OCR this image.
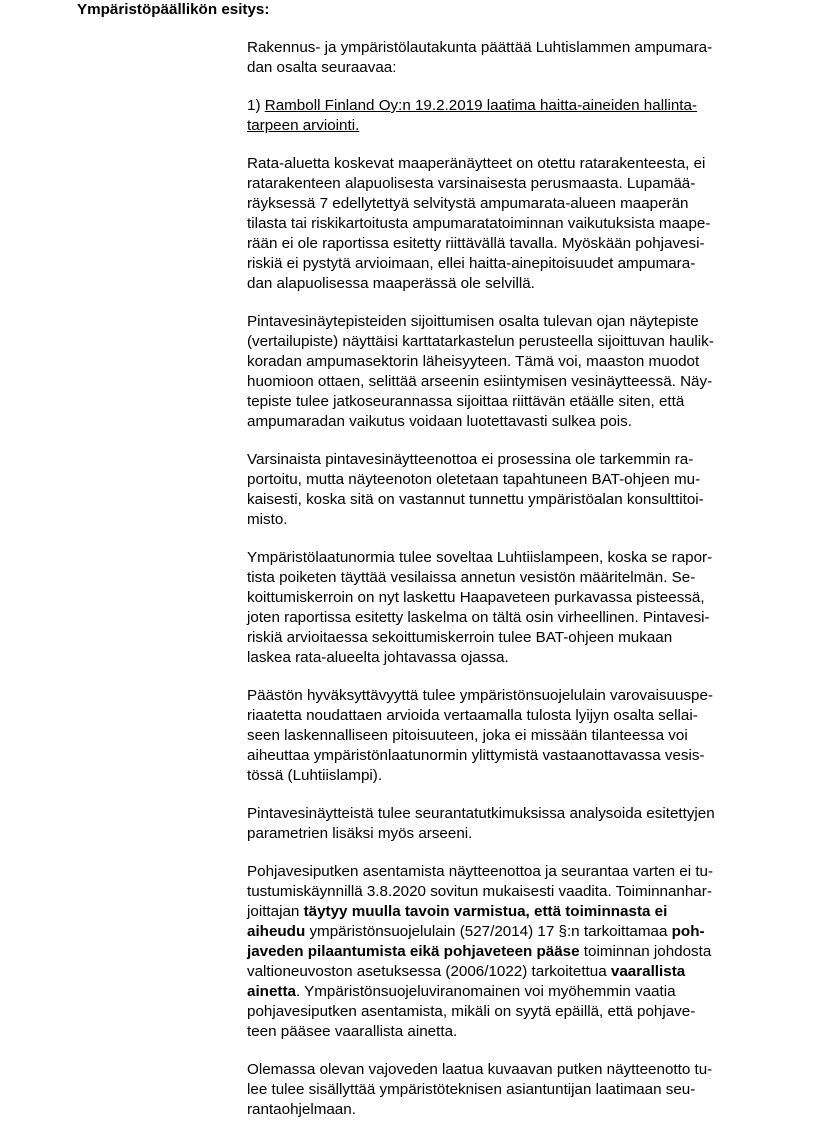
Ympäristöpäällikön esitys:

Rakennus- ja ympäristölautakunta päättää Luhtislammen ampumara-
dan osalta seuraavaa:

1) Ramboll Finland Oy:n 19.2.2019 laatima haitta-aineiden hallinta-
tarpeen arviointi.

Rata-aluetta koskevat maaperänäytteet on otettu ratarakenteesta, ei
ratarakenteen alapuolisesta varsinaisesta perusmaasta. Lupamää-
räyksessä 7 edellytettyä selvitystä ampumarata-alueen maaperän
tilasta tai riskikartoitusta ampumaratatoiminnan vaikutuksista maape-
rään ei ole raportissa esitetty riittävällä tavalla. Myöskään pohjavesi-
riskiä ei pystytä arvioimaan, ellei haitta-ainepitoisuudet ampumara-
dan alapuolisessa maaperässä ole selvillä.

Pintavesinäytepisteiden sijoittumisen osalta tulevan ojan näytepiste
(vertailupiste) näyttäisi karttatarkastelun perusteella sijoittuvan haulik-
koradan ampumasektorin läheisyyteen. Tämä voi, maaston muodot
huomioon ottaen, selittää arseenin esiintymisen vesinäytteessä. Näy-
tepiste tulee jatkoseurannassa sijoittaa riittävän etäälle siten, että
ampumaradan vaikutus voidaan luotettavasti sulkea pois.

Varsinaista pintavesinäytteenottoa ei prosessina ole tarkemmin ra-
portoitu, mutta näyteenoton oletetaan tapahtuneen BAT-ohjeen mu-
kaisesti, koska sitä on vastannut tunnettu ympäristöalan konsulttitoi-
misto.

Ympäristölaatunormia tulee soveltaa Luhtiislampeen, koska se rapor-
tista poiketen täyttää vesilaissa annetun vesistön määritelmän. Se-
koittumiskerroin on nyt laskettu Haapaveteen purkavassa pisteessä,
joten raportissa esitetty laskelma on tältä osin virheellinen. Pintavesi-
riskiä arvioitaessa sekoittumiskerroin tulee BAT-ohjeen mukaan
laskea rata-alueelta johtavassa ojassa.

Päästön hyväksyttävyyttä tulee ympäristönsuojelulain varovaisuuspe-
riaatetta noudattaen arvioida vertaamalla tulosta lyijyn osalta sellai-
seen laskennalliseen pitoisuuteen, joka ei missään tilanteessa voi
aiheuttaa ympäristönlaatunormin ylittymistä vastaanottavassa vesis-
tössä (Luhtiislampi).

Pintavesinäytteistä tulee seurantatutkimuksissa analysoida esitettyjen
parametrien lisäksi myös arseeni.

Pohjavesiputken asentamista näytteenottoa ja seurantaa varten ei tu-
tustumiskäynnillä 3.8.2020 sovitun mukaisesti vaadita. Toiminnanhar-
joittajan täytyy muulla tavoin varmistua, että toiminnasta ei
aiheudu ympäristönsuojelulain (527/2014) 17 §:n tarkoittamaa poh-
javeden pilaantumista eikä pohjaveteen pääse toiminnan johdosta
valtioneuvoston asetuksessa (2006/1022) tarkoitettua vaarallista
ainetta. Ympäristönsuojeluviranomainen voi myöhemmin vaatia
pohjavesiputken asentamista, mikäli on syytä epäillä, että pohjave-
teen pääsee vaarallista ainetta.

Olemassa olevan vajoveden laatua kuvaavan putken näytteenotto tu-
lee tulee sisällyttää ympäristöteknisen asiantuntijan laatimaan seu-
rantaohjelmaan.
